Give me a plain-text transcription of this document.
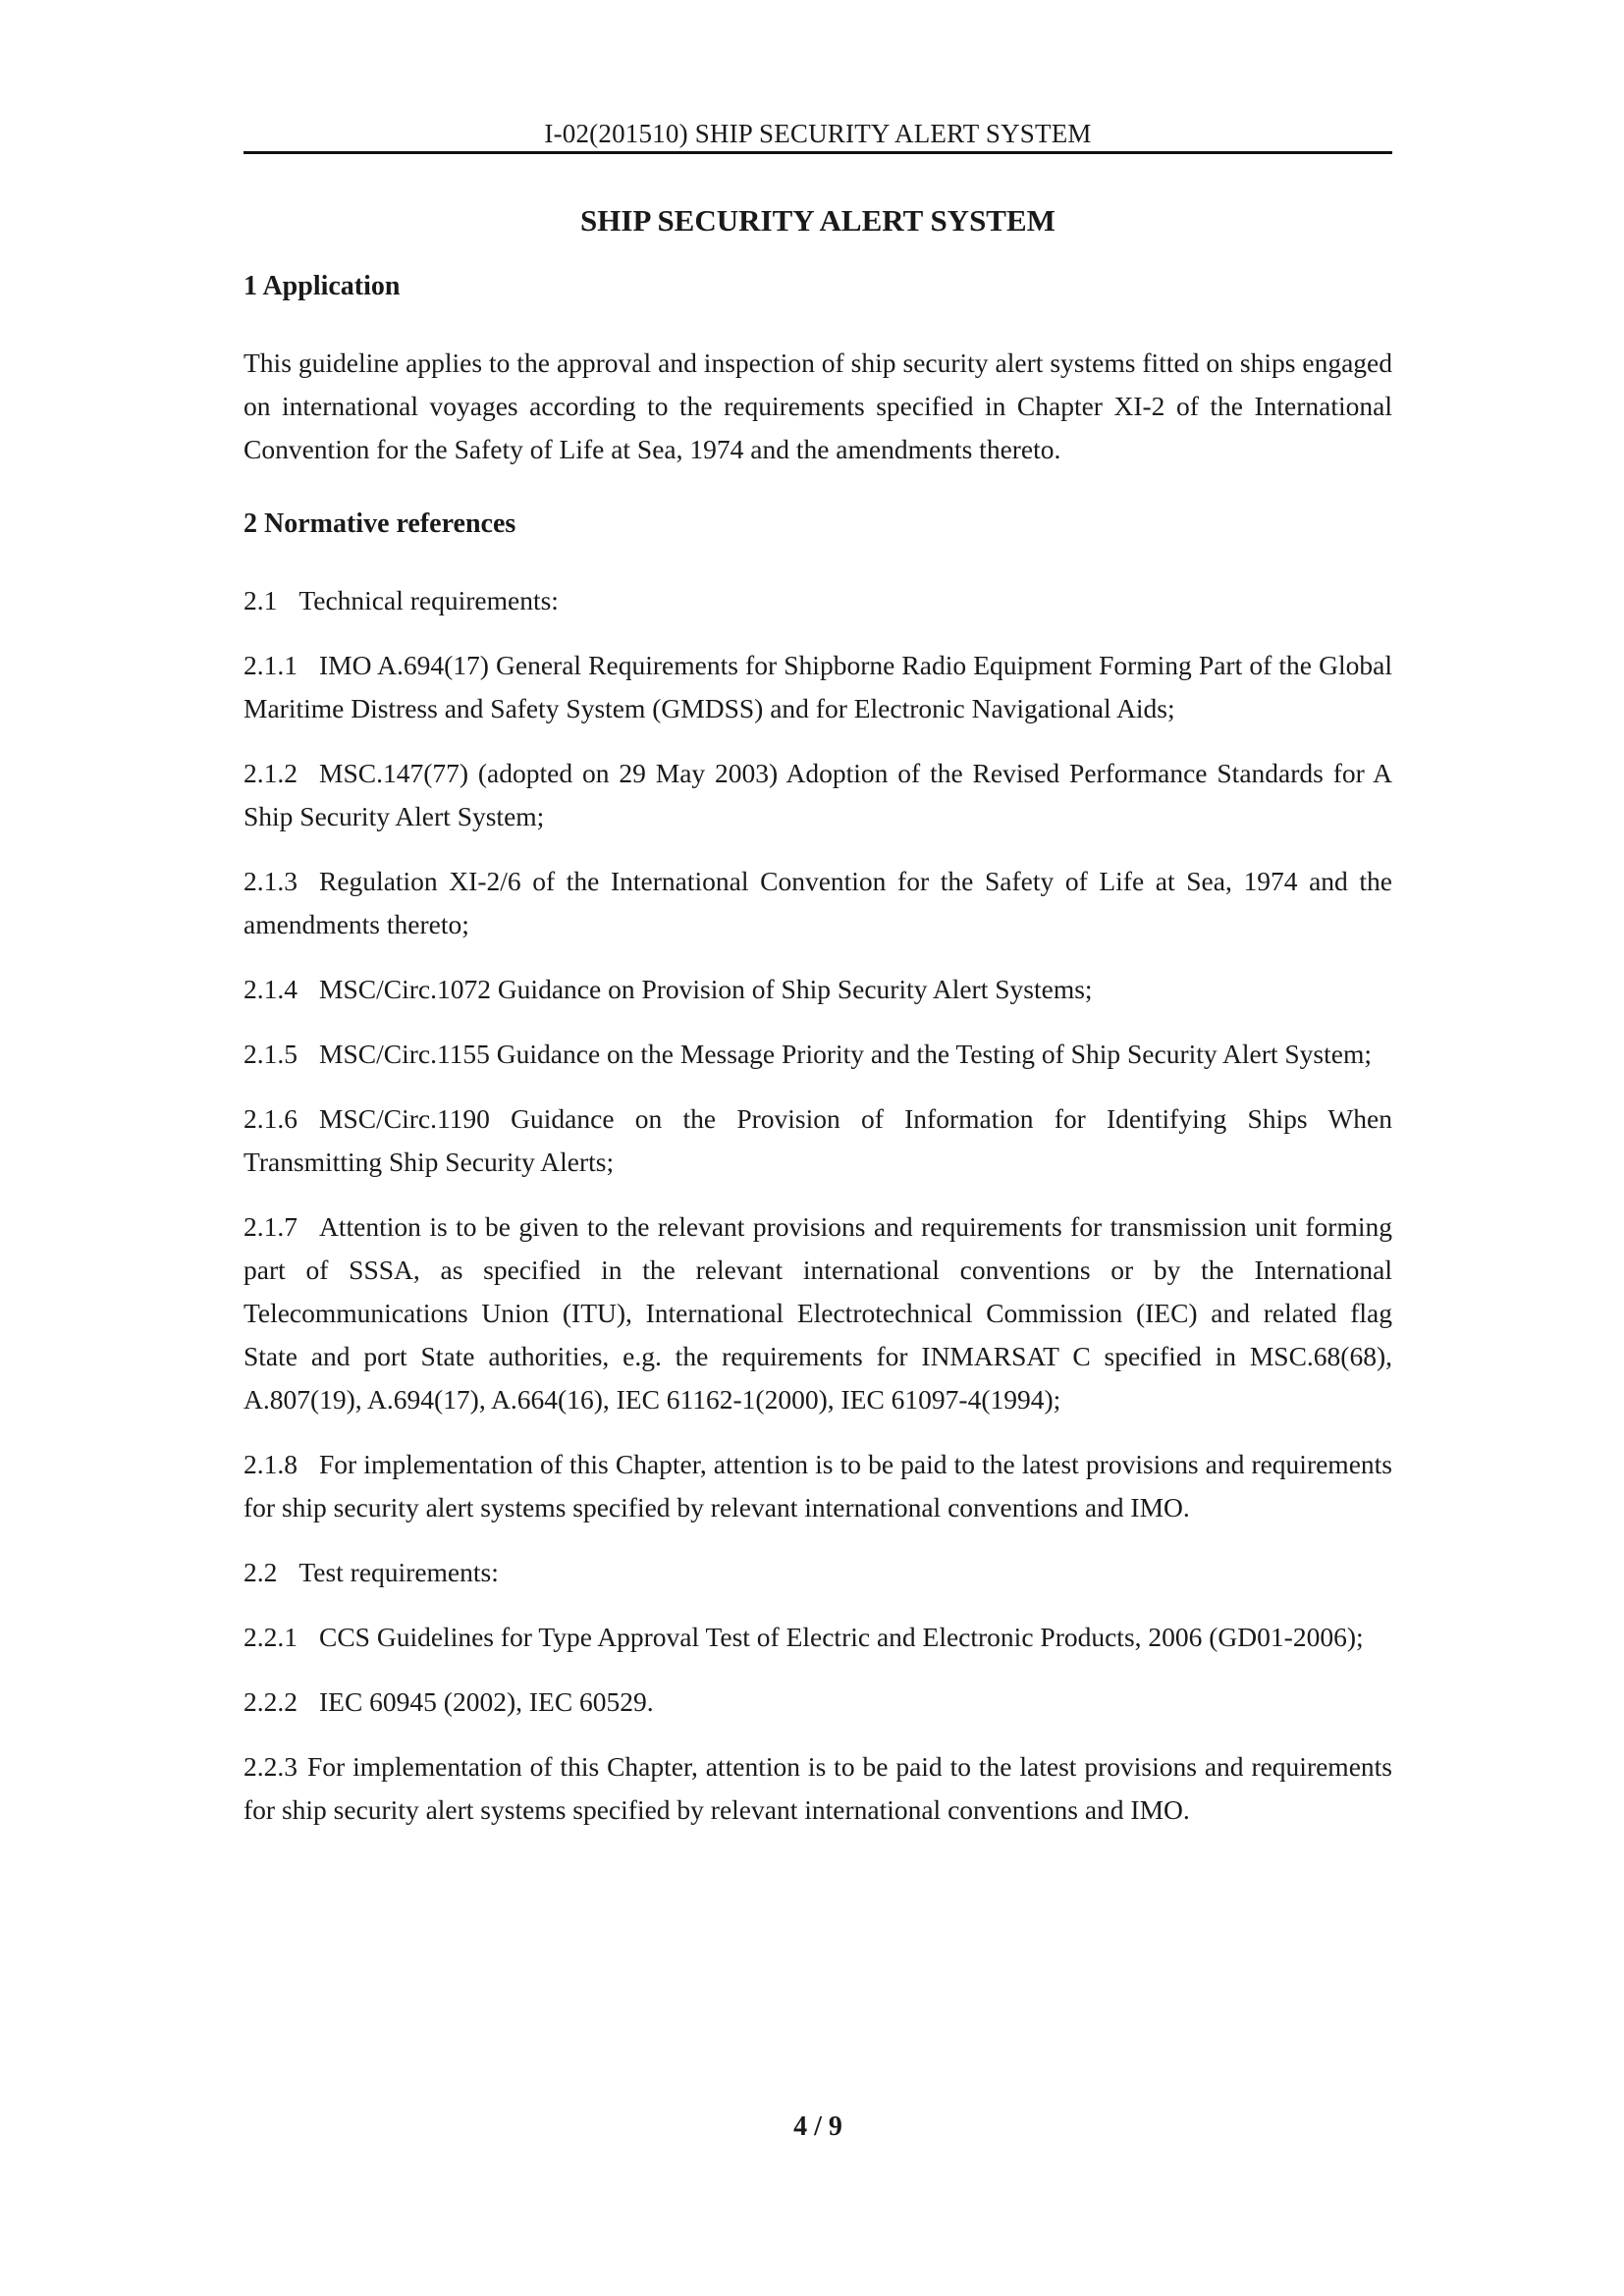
I-02(201510) SHIP SECURITY ALERT SYSTEM
SHIP SECURITY ALERT SYSTEM
1 Application

This guideline applies to the approval and inspection of ship security alert systems fitted on ships engaged on international voyages according to the requirements specified in Chapter XI-2 of the International Convention for the Safety of Life at Sea, 1974 and the amendments thereto.

2 Normative references

2.1 Technical requirements:

2.1.1 IMO A.694(17) General Requirements for Shipborne Radio Equipment Forming Part of the Global Maritime Distress and Safety System (GMDSS) and for Electronic Navigational Aids;

2.1.2 MSC.147(77) (adopted on 29 May 2003) Adoption of the Revised Performance Standards for A Ship Security Alert System;

2.1.3 Regulation XI-2/6 of the International Convention for the Safety of Life at Sea, 1974 and the amendments thereto;

2.1.4 MSC/Circ.1072 Guidance on Provision of Ship Security Alert Systems;

2.1.5 MSC/Circ.1155 Guidance on the Message Priority and the Testing of Ship Security Alert System;

2.1.6 MSC/Circ.1190 Guidance on the Provision of Information for Identifying Ships When Transmitting Ship Security Alerts;

2.1.7 Attention is to be given to the relevant provisions and requirements for transmission unit forming part of SSSA, as specified in the relevant international conventions or by the International Telecommunications Union (ITU), International Electrotechnical Commission (IEC) and related flag State and port State authorities, e.g. the requirements for INMARSAT C specified in MSC.68(68), A.807(19), A.694(17), A.664(16), IEC 61162-1(2000), IEC 61097-4(1994);

2.1.8 For implementation of this Chapter, attention is to be paid to the latest provisions and requirements for ship security alert systems specified by relevant international conventions and IMO.

2.2 Test requirements:

2.2.1 CCS Guidelines for Type Approval Test of Electric and Electronic Products, 2006 (GD01-2006);

2.2.2 IEC 60945 (2002), IEC 60529.

2.2.3 For implementation of this Chapter, attention is to be paid to the latest provisions and requirements for ship security alert systems specified by relevant international conventions and IMO.

4 / 9
